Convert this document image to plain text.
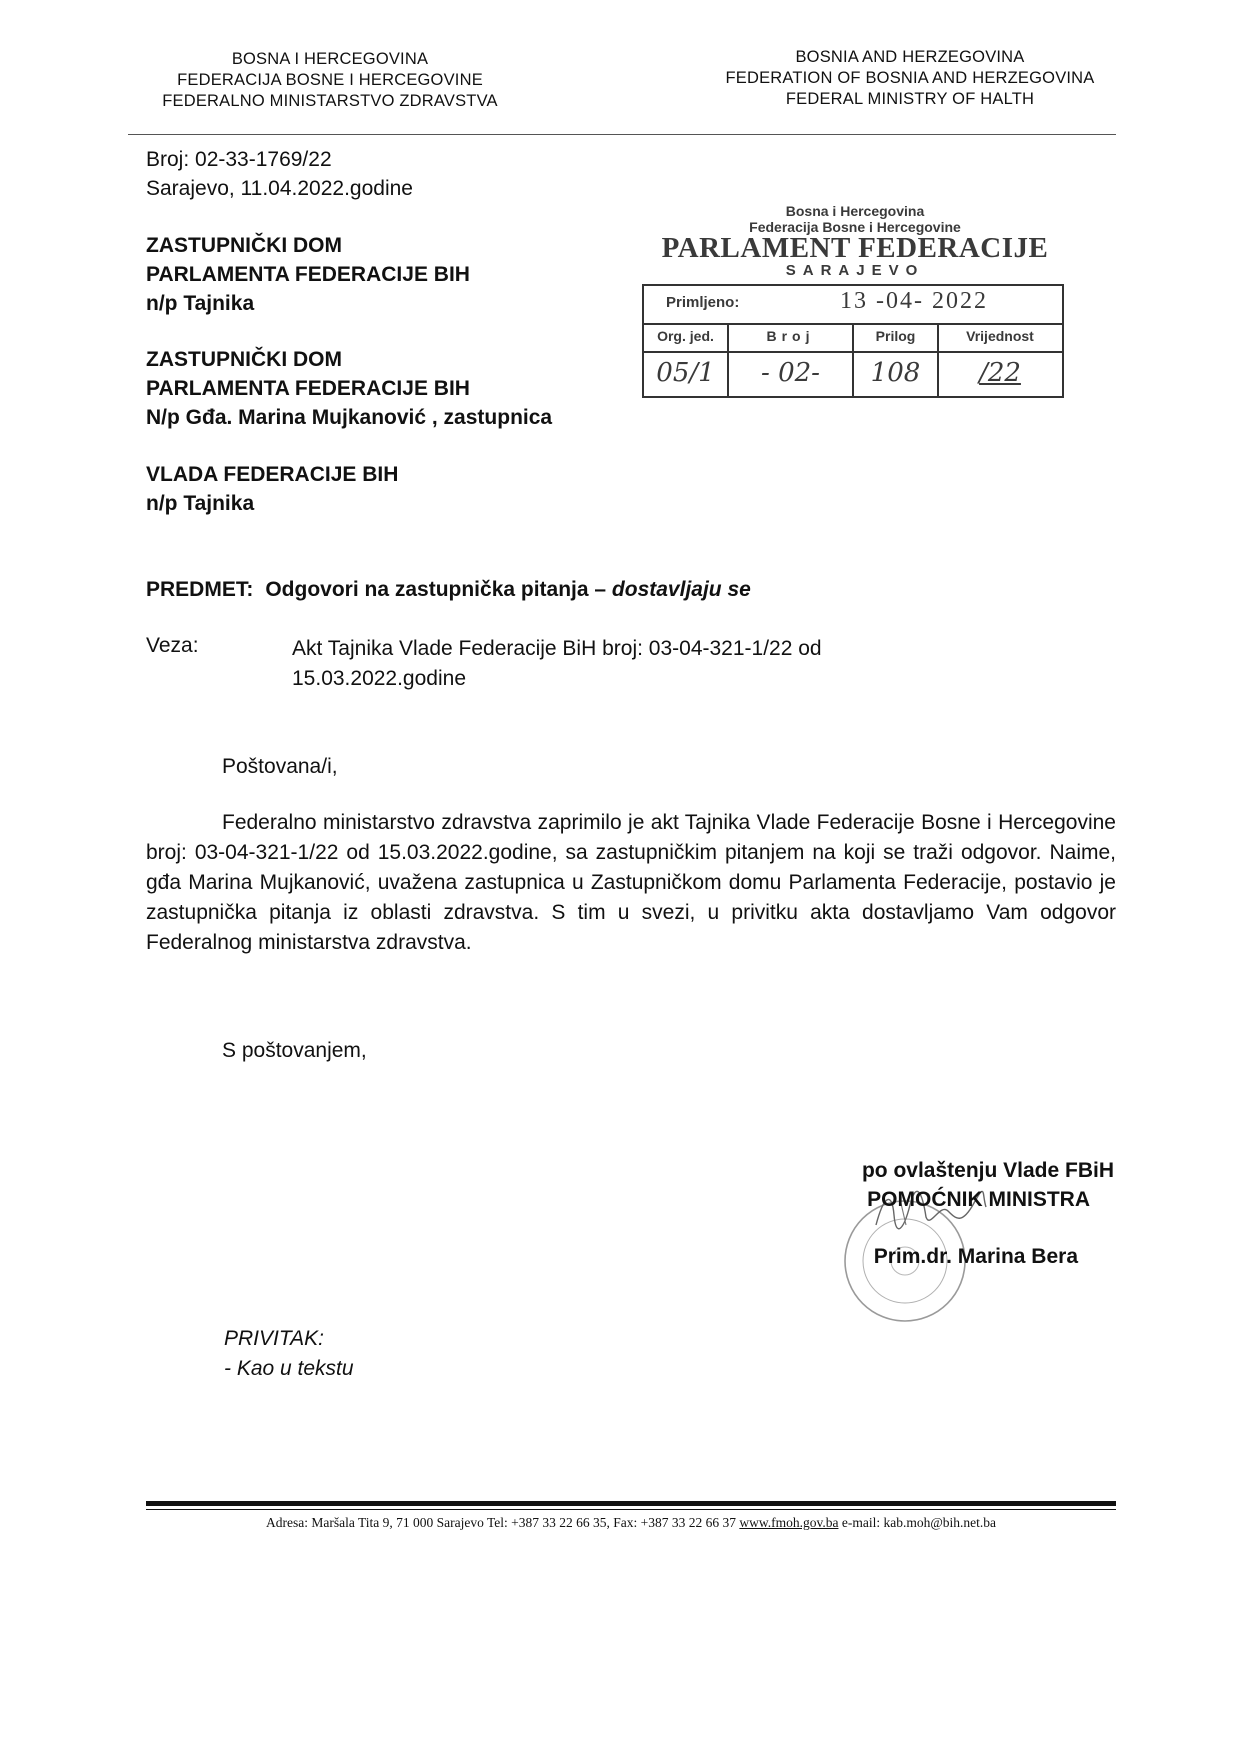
BOSNA I HERCEGOVINA
FEDERACIJA BOSNE I HERCEGOVINE
FEDERALNO MINISTARSTVO ZDRAVSTVA
BOSNIA AND HERZEGOVINA
FEDERATION OF BOSNIA AND HERZEGOVINA
FEDERAL MINISTRY OF HALTH
Broj: 02-33-1769/22
Sarajevo, 11.04.2022.godine
ZASTUPNIČKI DOM
PARLAMENTA FEDERACIJE BIH
n/p Tajnika
ZASTUPNIČKI DOM
PARLAMENTA FEDERACIJE BIH
N/p Gđa. Marina Mujkanović , zastupnica
VLADA FEDERACIJE BIH
n/p Tajnika
Bosna i Hercegovina
Federacija Bosne i Hercegovine
PARLAMENT FEDERACIJE
SARAJEVO
Primljeno:	13 -04- 2022
Org. jed.	Broj	Prilog	Vrijednost
05/1	- 02-	108	/22
PREDMET: Odgovori na zastupnička pitanja – dostavljaju se
Veza:	Akt Tajnika Vlade Federacije BiH broj: 03-04-321-1/22 od 15.03.2022.godine
Poštovana/i,
Federalno ministarstvo zdravstva zaprimilo je akt Tajnika Vlade Federacije Bosne i Hercegovine broj: 03-04-321-1/22 od 15.03.2022.godine, sa zastupničkim pitanjem na koji se traži odgovor. Naime, gđa Marina Mujkanović, uvažena zastupnica u Zastupničkom domu Parlamenta Federacije, postavio je zastupnička pitanja iz oblasti zdravstva. S tim u svezi, u privitku akta dostavljamo Vam odgovor Federalnog ministarstva zdravstva.
S poštovanjem,
po ovlaštenju Vlade FBiH
POMOĆNIK MINISTRA
Prim.dr. Marina Bera
PRIVITAK:
- Kao u tekstu
Adresa: Maršala Tita 9, 71 000 Sarajevo Tel: +387 33 22 66 35, Fax: +387 33 22 66 37 www.fmoh.gov.ba e-mail: kab.moh@bih.net.ba
